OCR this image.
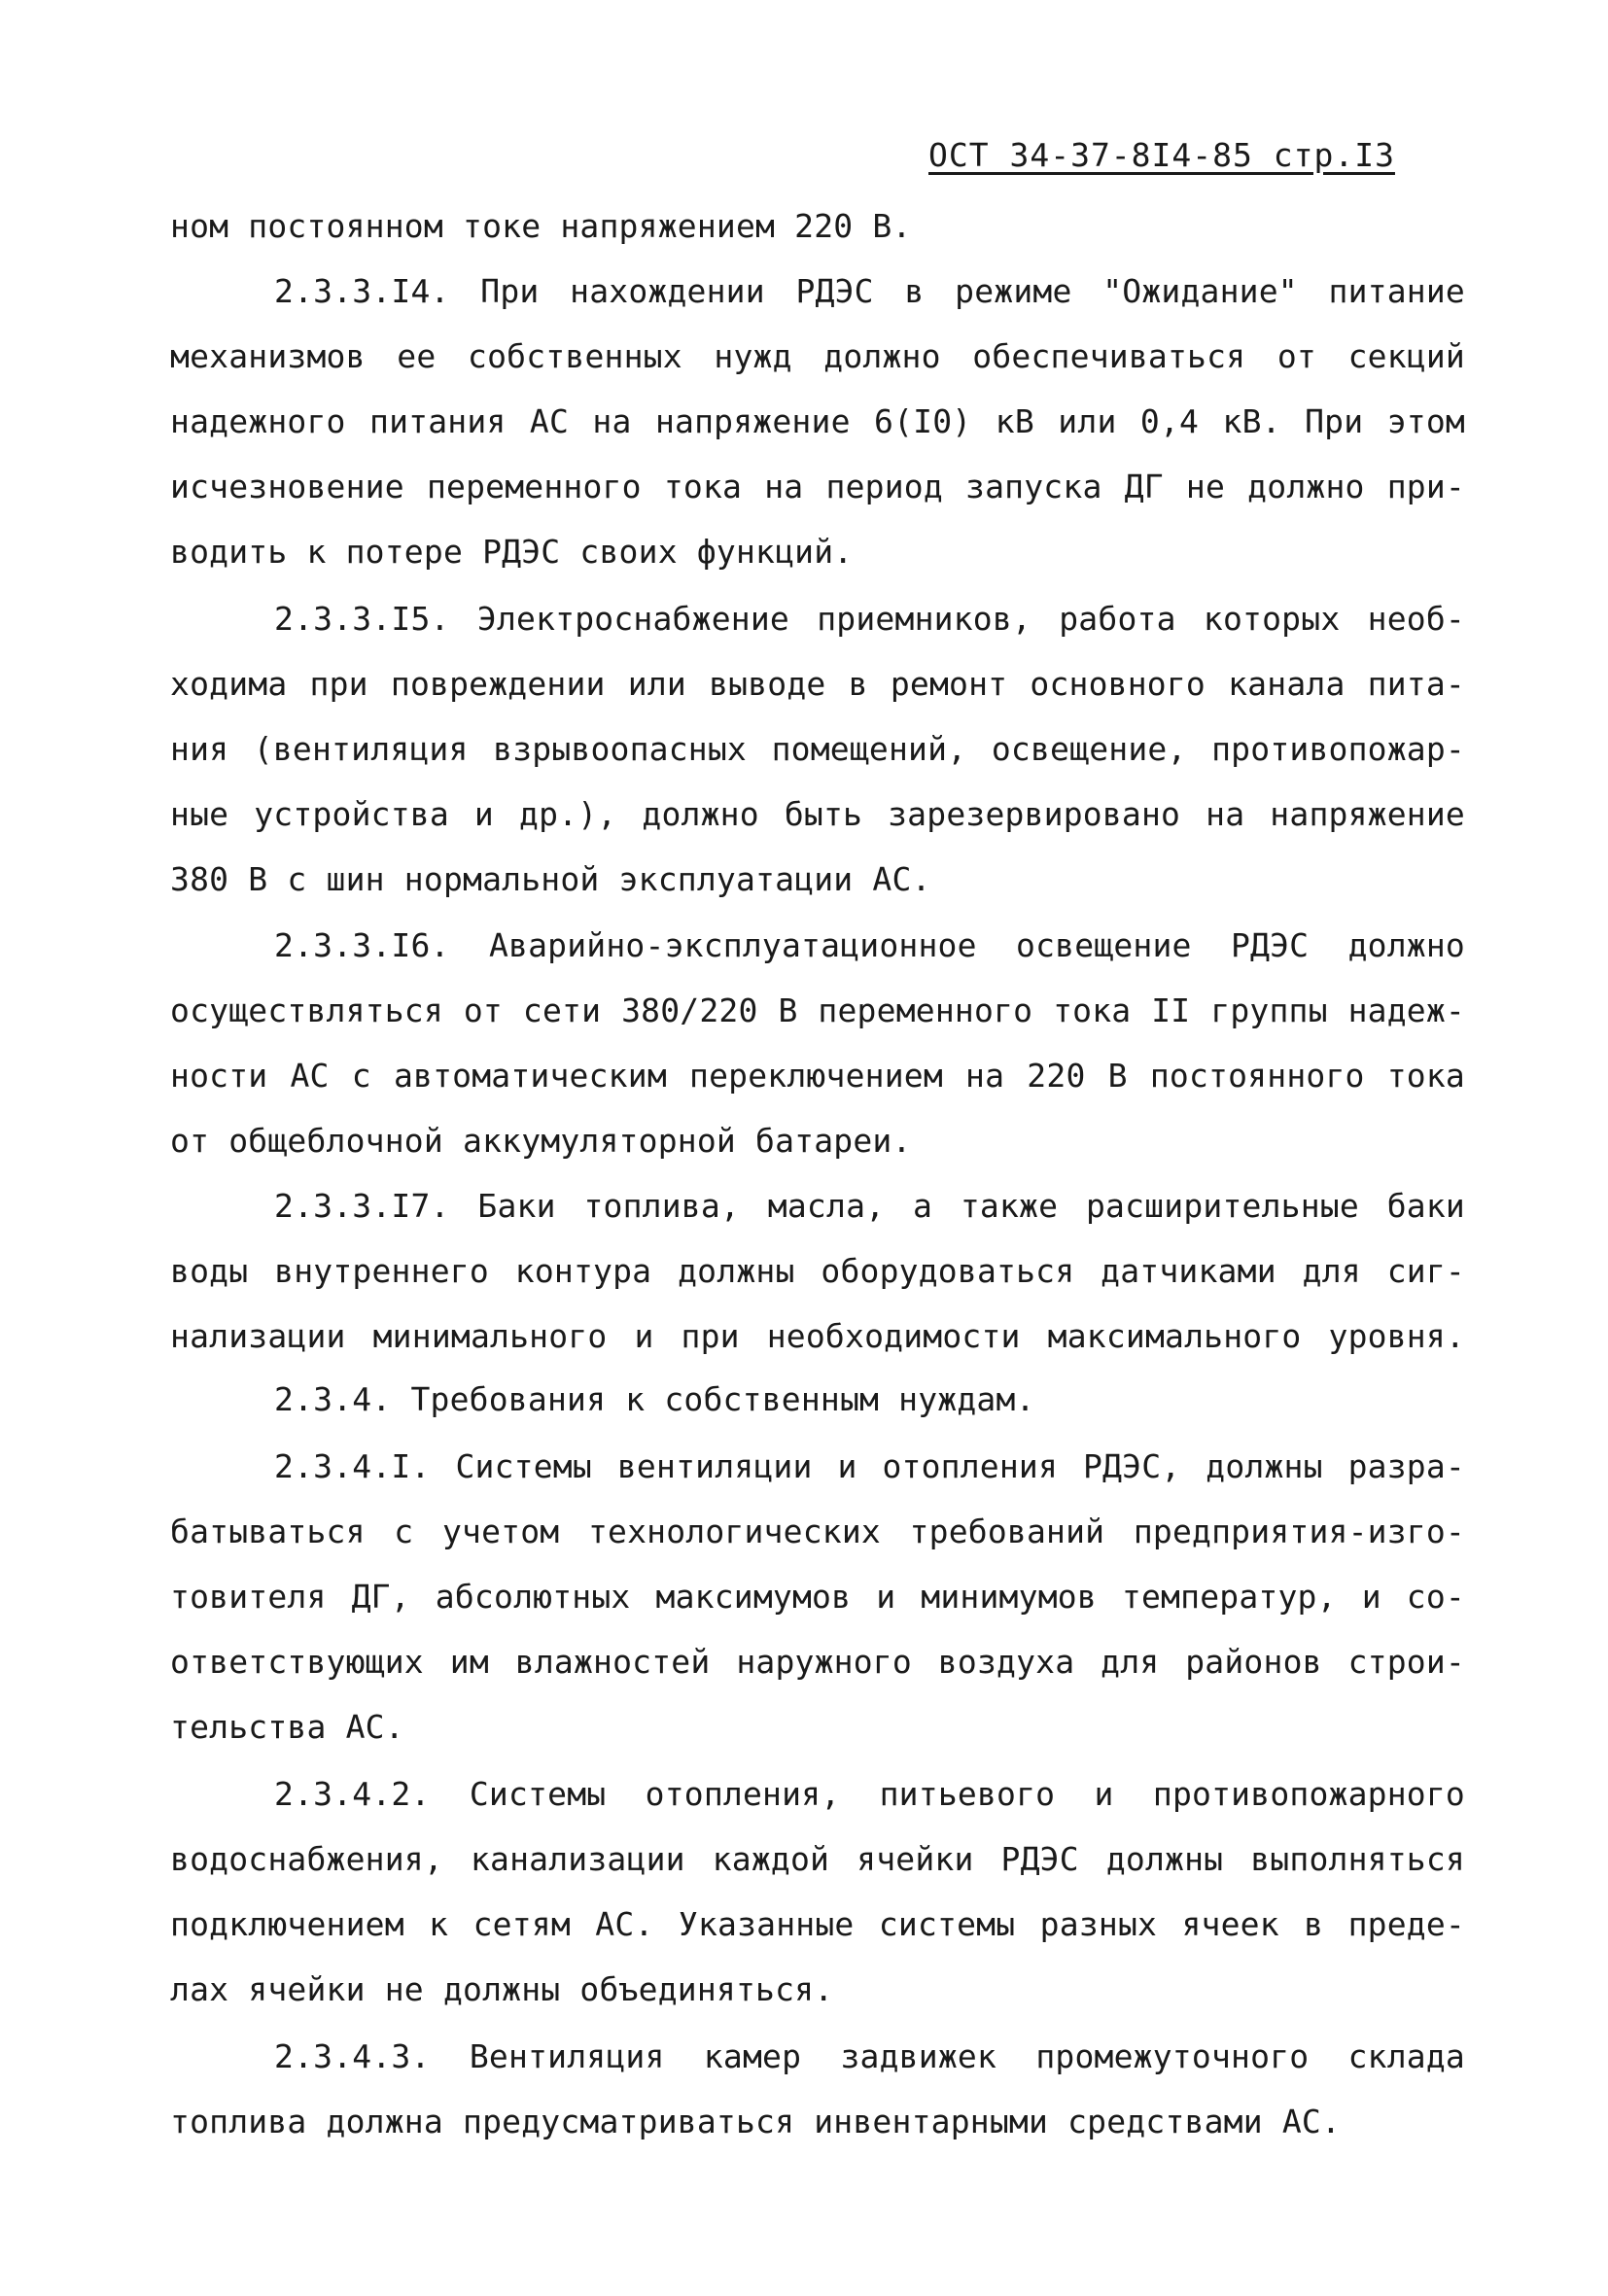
ОСТ 34-37-8I4-85 стр.I3
ном постоянном токе напряжением 220 В.
2.3.3.I4. При нахождении РДЭС в режиме "Ожидание" питание
механизмов ее собственных нужд должно обеспечиваться от секций
надежного питания АС на напряжение 6(I0) кВ или 0,4 кВ. При этом
исчезновение переменного тока на период запуска ДГ не должно при-
водить к потере РДЭС своих функций.
2.3.3.I5. Электроснабжение приемников, работа которых необ-
ходима при повреждении или выводе в ремонт основного канала пита-
ния (вентиляция взрывоопасных помещений, освещение, противопожар-
ные устройства и др.), должно быть зарезервировано на напряжение
380 В с шин нормальной эксплуатации АС.
2.3.3.I6. Аварийно-эксплуатационное освещение РДЭС должно
осуществляться от сети 380/220 В переменного тока II группы надеж-
ности АС с автоматическим переключением на 220 В постоянного тока
от общеблочной аккумуляторной батареи.
2.3.3.I7. Баки топлива, масла, а также расширительные баки
воды внутреннего контура должны оборудоваться датчиками для сиг-
нализации минимального и при необходимости максимального уровня.
2.3.4. Требования к собственным нуждам.
2.3.4.I. Системы вентиляции и отопления РДЭС, должны разра-
батываться с учетом технологических требований предприятия-изго-
товителя ДГ, абсолютных максимумов и минимумов температур, и со-
ответствующих им влажностей наружного воздуха для районов строи-
тельства АС.
2.3.4.2. Системы отопления, питьевого и противопожарного
водоснабжения, канализации каждой ячейки РДЭС должны выполняться
подключением к сетям АС. Указанные системы разных ячеек в преде-
лах ячейки не должны объединяться.
2.3.4.3. Вентиляция камер задвижек промежуточного склада
топлива должна предусматриваться инвентарными средствами АС.
